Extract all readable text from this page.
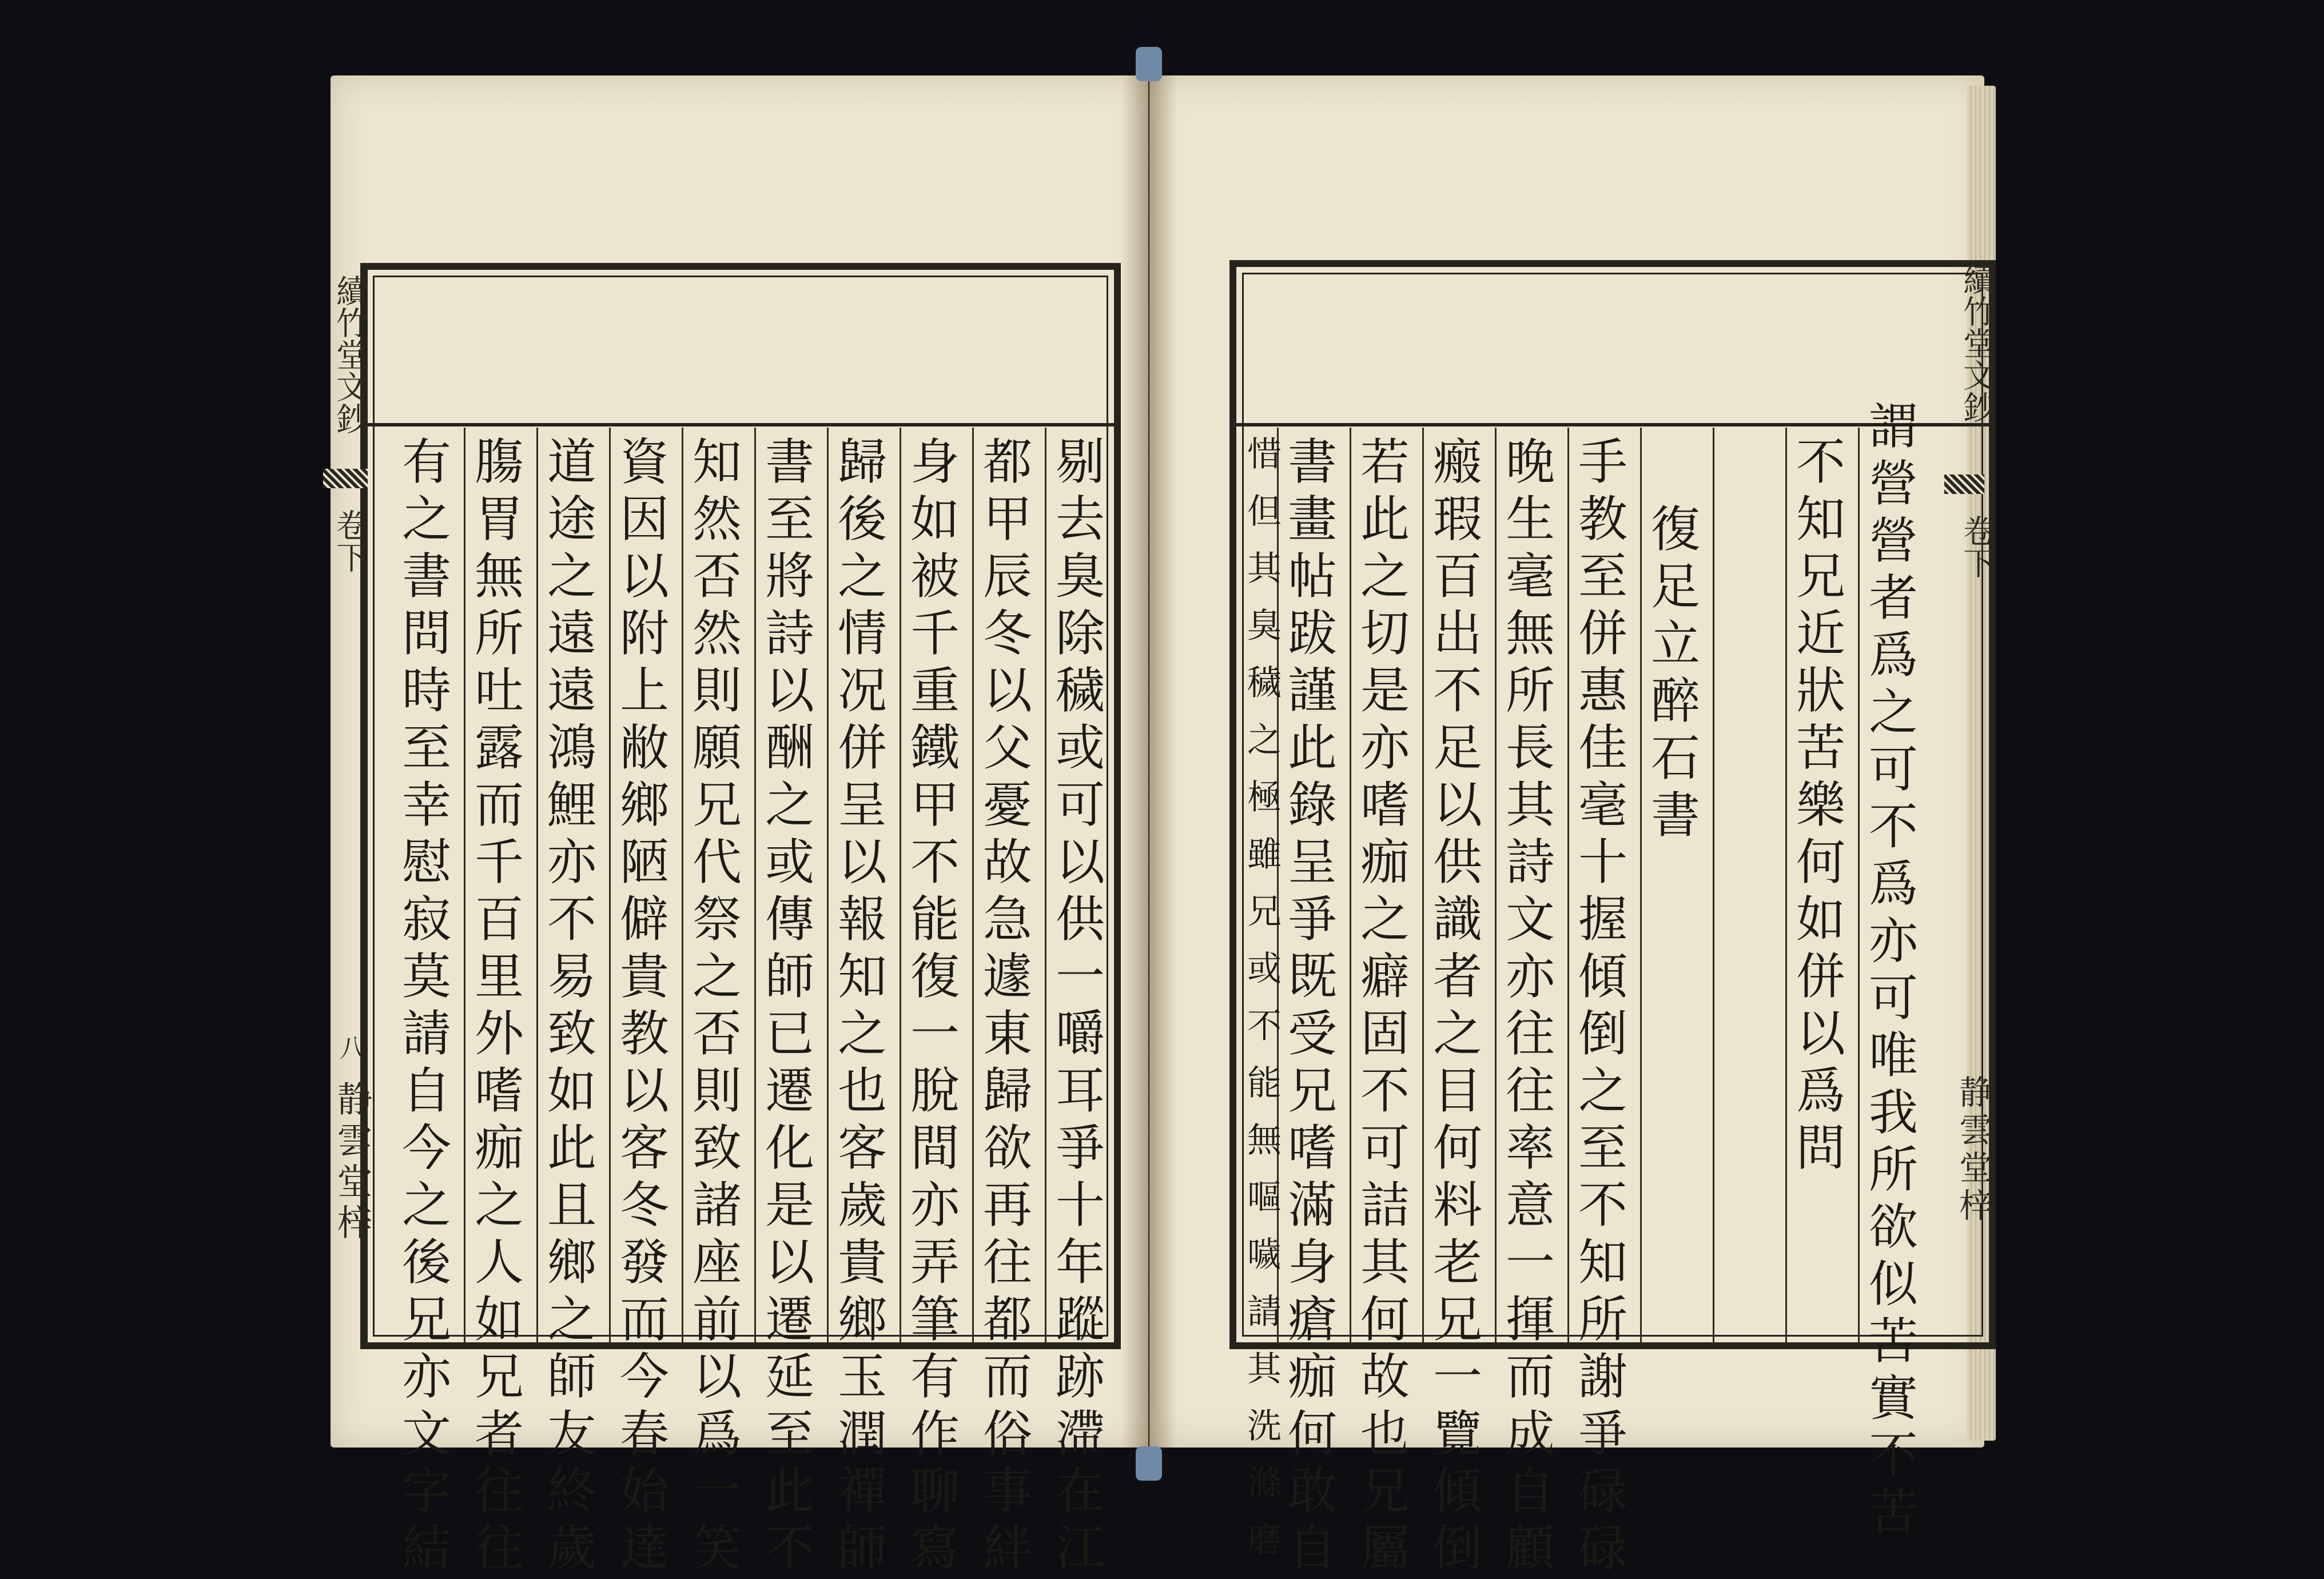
續竹堂文鈔
卷下
八
静雲堂梓	剔去臭除穢或可以供一嚼耳爭十年蹤跡滯在江
都甲辰冬以父憂故急遽東歸欲再往都而俗事絆
身如被千重鐵甲不能復一脫間亦弄筆有作聊寫
歸後之情况併呈以報知之也客歲貴鄉玉潤禪師
書至將詩以酬之或傳師已遷化是以遷延至此不
知然否然則願兄代祭之否則致諸座前以爲一笑
資因以附上敝鄉陋僻貴教以客冬發而今春始達
道途之遠遠鴻鯉亦不易致如此且鄉之師友終歲
膓胃無所吐露而千百里外嗜痂之人如兄者往往
有之書問時至幸慰寂莫請自今之後兄亦文字結
續竹堂文鈔
卷下
静雲堂梓
謂營營者爲之可不爲亦可唯我所欲似苦實不苦
不知兄近狀苦樂何如併以爲問
復足立醉石書
手教至併惠佳毫十握傾倒之至不知所謝爭碌碌
晚生毫無所長其詩文亦往往率意一揮而成自顧
瘢瑕百出不足以供識者之目何料老兄一覽傾倒
若此之切是亦嗜痂之癖固不可詰其何故也兄屬
書畫帖跋謹此錄呈爭既受兄嗜滿身瘡痂何敢自
惜但其臭穢之極雖兄或不能無嘔噦請其洗滌磨
